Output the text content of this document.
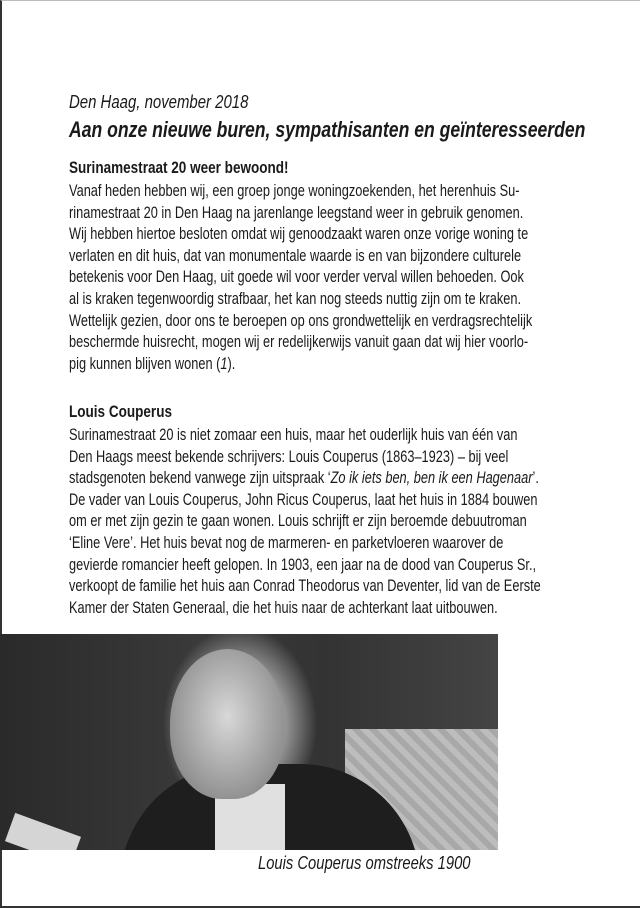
Den Haag, november 2018
Aan onze nieuwe buren, sympathisanten en geïnteresseerden
Surinamestraat 20 weer bewoond!
Vanaf heden hebben wij, een groep jonge woningzoekenden, het herenhuis Su-
rinamestraat 20 in Den Haag na jarenlange leegstand weer in gebruik genomen.
Wij hebben hiertoe besloten omdat wij genoodzaakt waren onze vorige woning te
verlaten en dit huis, dat van monumentale waarde is en van bijzondere culturele
betekenis voor Den Haag, uit goede wil voor verder verval willen behoeden. Ook
al is kraken tegenwoordig strafbaar, het kan nog steeds nuttig zijn om te kraken.
Wettelijk gezien, door ons te beroepen op ons grondwettelijk en verdragsrechtelijk
beschermde huisrecht, mogen wij er redelijkerwijs vanuit gaan dat wij hier voorlo-
pig kunnen blijven wonen (1).
Louis Couperus
Surinamestraat 20 is niet zomaar een huis, maar het ouderlijk huis van één van
Den Haags meest bekende schrijvers: Louis Couperus (1863–1923) – bij veel
stadsgenoten bekend vanwege zijn uitspraak ‘Zo ik iets ben, ben ik een Hagenaar’.
De vader van Louis Couperus, John Ricus Couperus, laat het huis in 1884 bouwen
om er met zijn gezin te gaan wonen. Louis schrijft er zijn beroemde debuutroman
‘Eline Vere’. Het huis bevat nog de marmeren- en parketvloeren waarover de
gevierde romancier heeft gelopen. In 1903, een jaar na de dood van Couperus Sr.,
verkoopt de familie het huis aan Conrad Theodorus van Deventer, lid van de Eerste
Kamer der Staten Generaal, die het huis naar de achterkant laat uitbouwen.
Louis Couperus omstreeks 1900
